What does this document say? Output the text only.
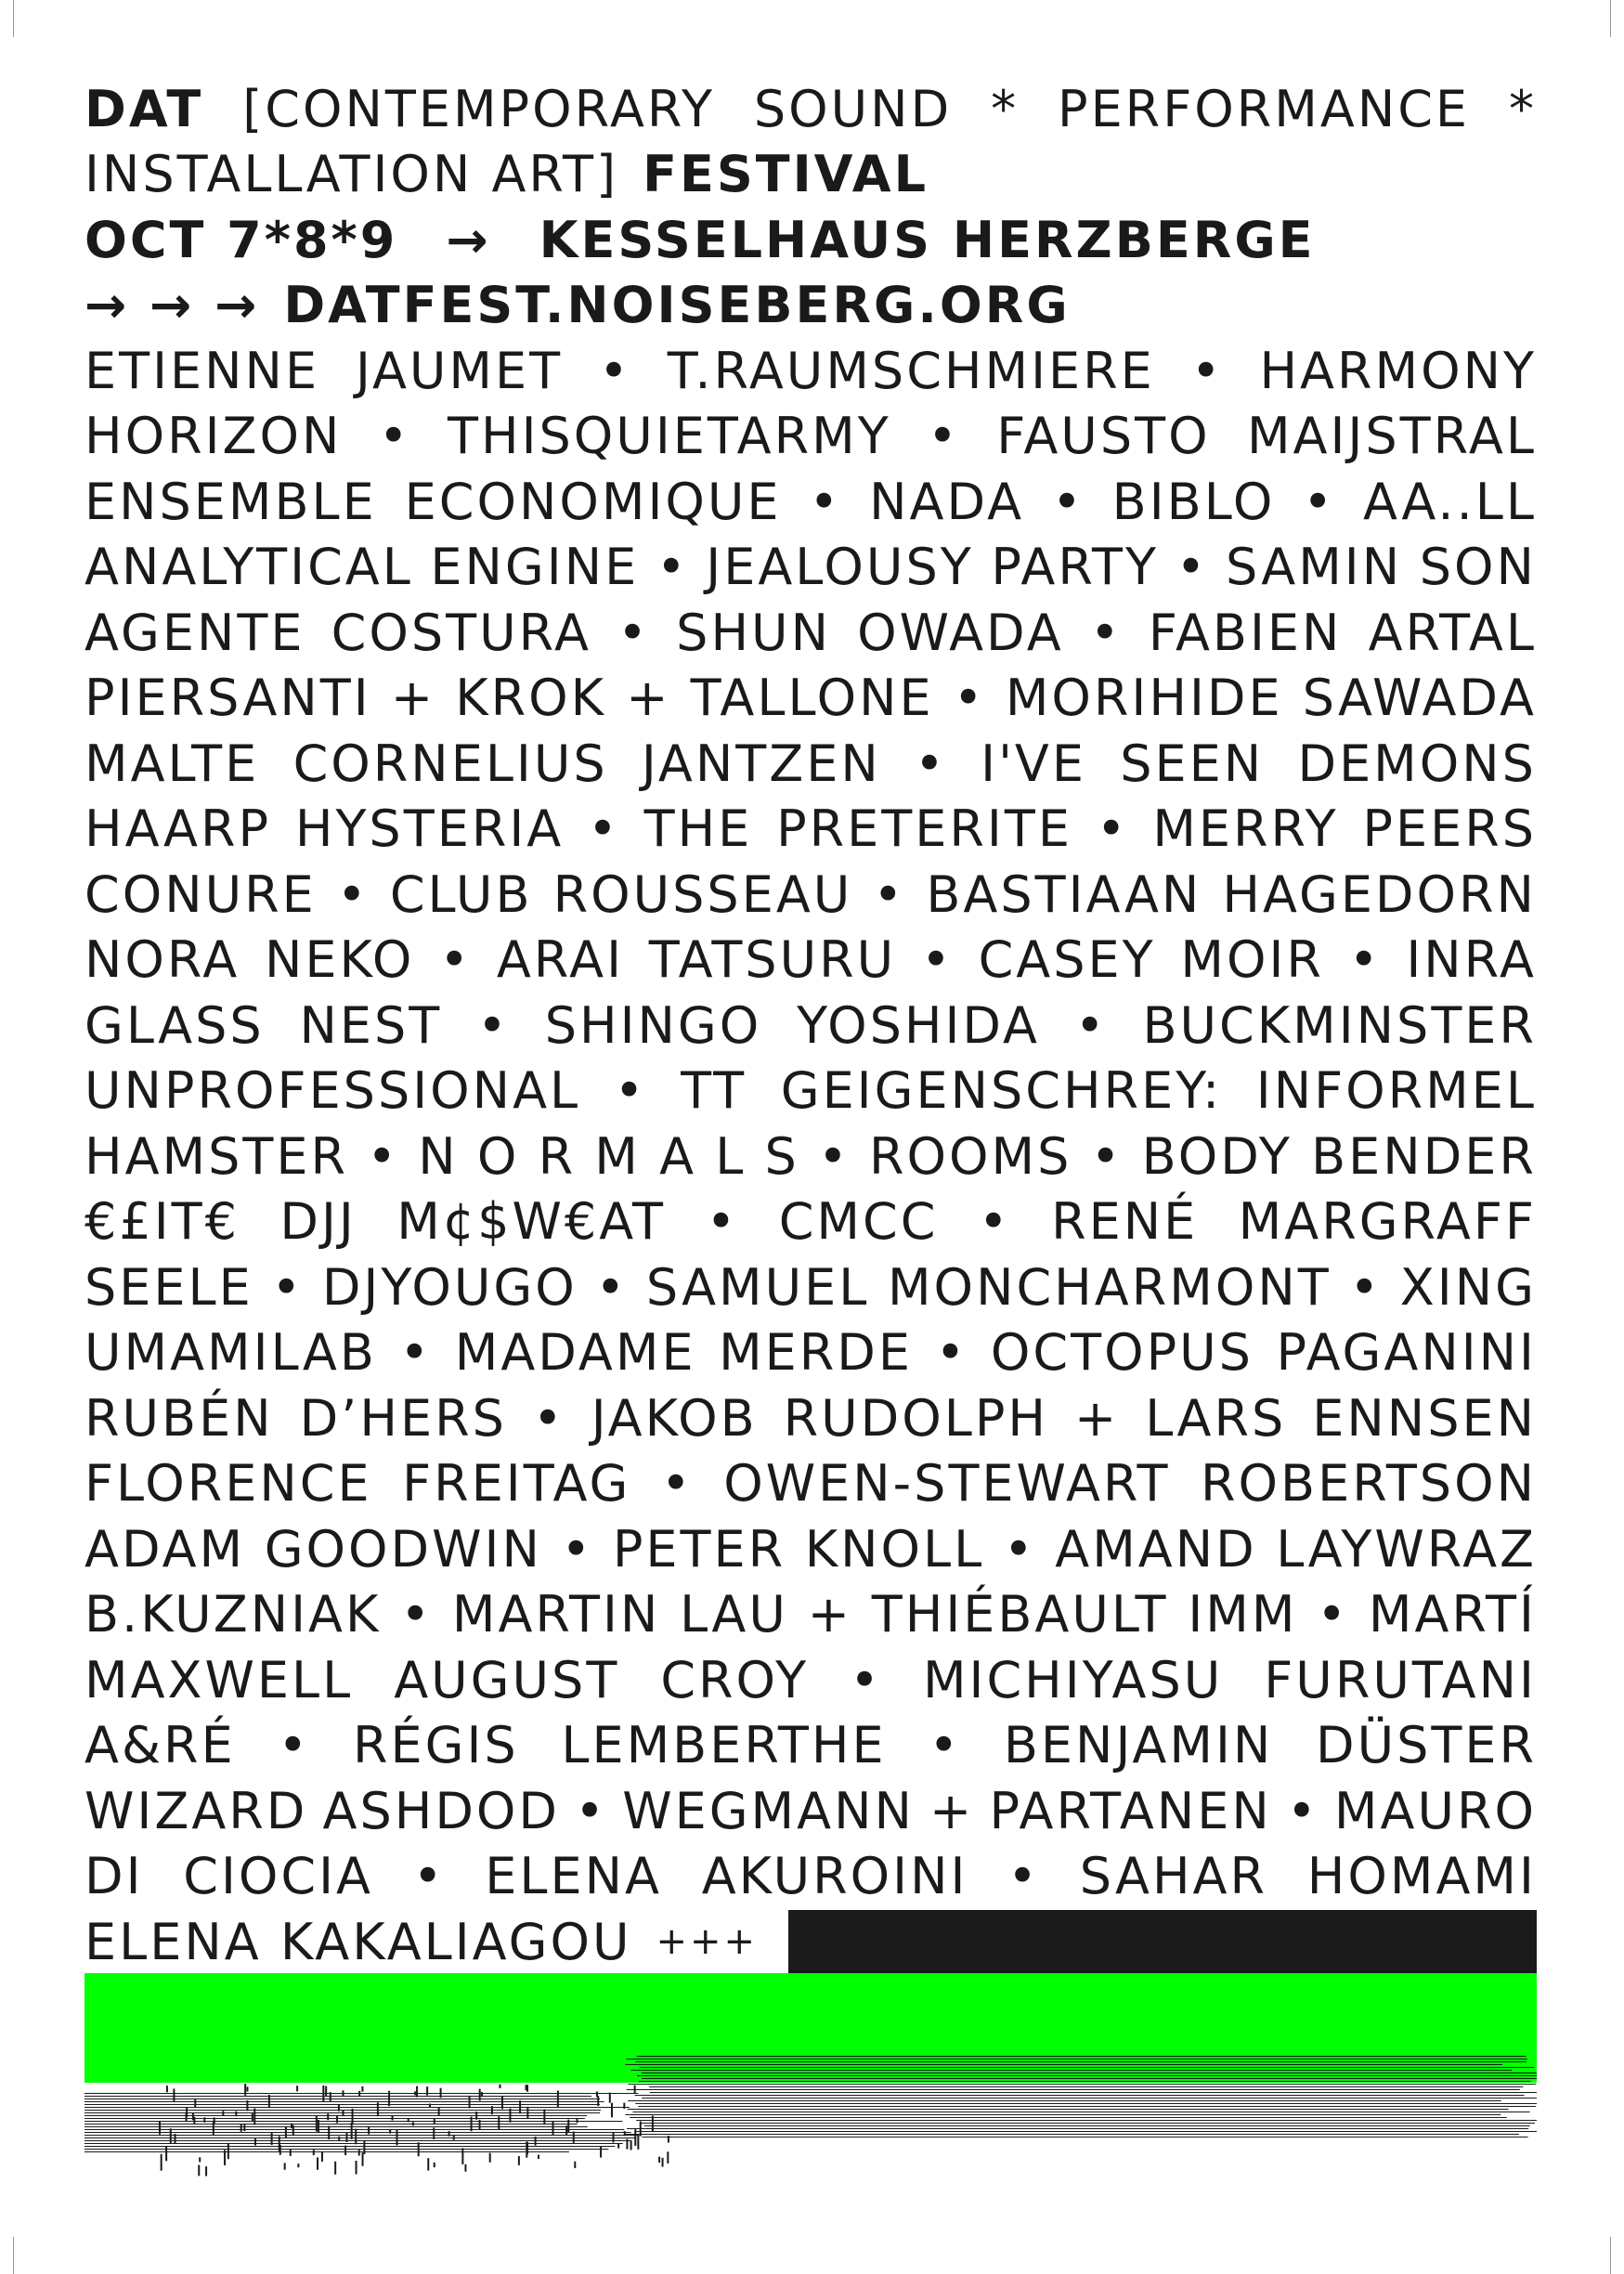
DAT [CONTEMPORARY SOUND * PERFORMANCE *
INSTALLATION ART] FESTIVAL
OCT 7*8*9 → KESSELHAUS HERZBERGE
→ → → DATFEST.NOISEBERG.ORG
ETIENNE JAUMET • T.RAUMSCHMIERE • HARMONY
HORIZON • THISQUIETARMY • FAUSTO MAIJSTRAL
ENSEMBLE ECONOMIQUE • NADA • BIBLO • AA..LL
ANALYTICAL ENGINE • JEALOUSY PARTY • SAMIN SON
AGENTE COSTURA • SHUN OWADA • FABIEN ARTAL
PIERSANTI + KROK + TALLONE • MORIHIDE SAWADA
MALTE CORNELIUS JANTZEN • I'VE SEEN DEMONS
HAARP HYSTERIA • THE PRETERITE • MERRY PEERS
CONURE • CLUB ROUSSEAU • BASTIAAN HAGEDORN
NORA NEKO • ARAI TATSURU • CASEY MOIR • INRA
GLASS NEST • SHINGO YOSHIDA • BUCKMINSTER
UNPROFESSIONAL • TT GEIGENSCHREY: INFORMEL
HAMSTER • N O R M A L S • ROOMS • BODY BENDER
€£IT€ DJJ M¢$W€AT • CMCC • RENÉ MARGRAFF
SEELE • DJYOUGO • SAMUEL MONCHARMONT • XING
UMAMILAB • MADAME MERDE • OCTOPUS PAGANINI
RUBÉN D’HERS • JAKOB RUDOLPH + LARS ENNSEN
FLORENCE FREITAG • OWEN-STEWART ROBERTSON
ADAM GOODWIN • PETER KNOLL • AMAND LAYWRAZ
B.KUZNIAK • MARTIN LAU + THIÉBAULT IMM • MARTÍ
MAXWELL AUGUST CROY • MICHIYASU FURUTANI
A&RÉ • RÉGIS LEMBERTHE • BENJAMIN DÜSTER
WIZARD ASHDOD • WEGMANN + PARTANEN • MAURO
DI CIOCIA • ELENA AKUROINI • SAHAR HOMAMI
ELENA KAKALIAGOU +++
